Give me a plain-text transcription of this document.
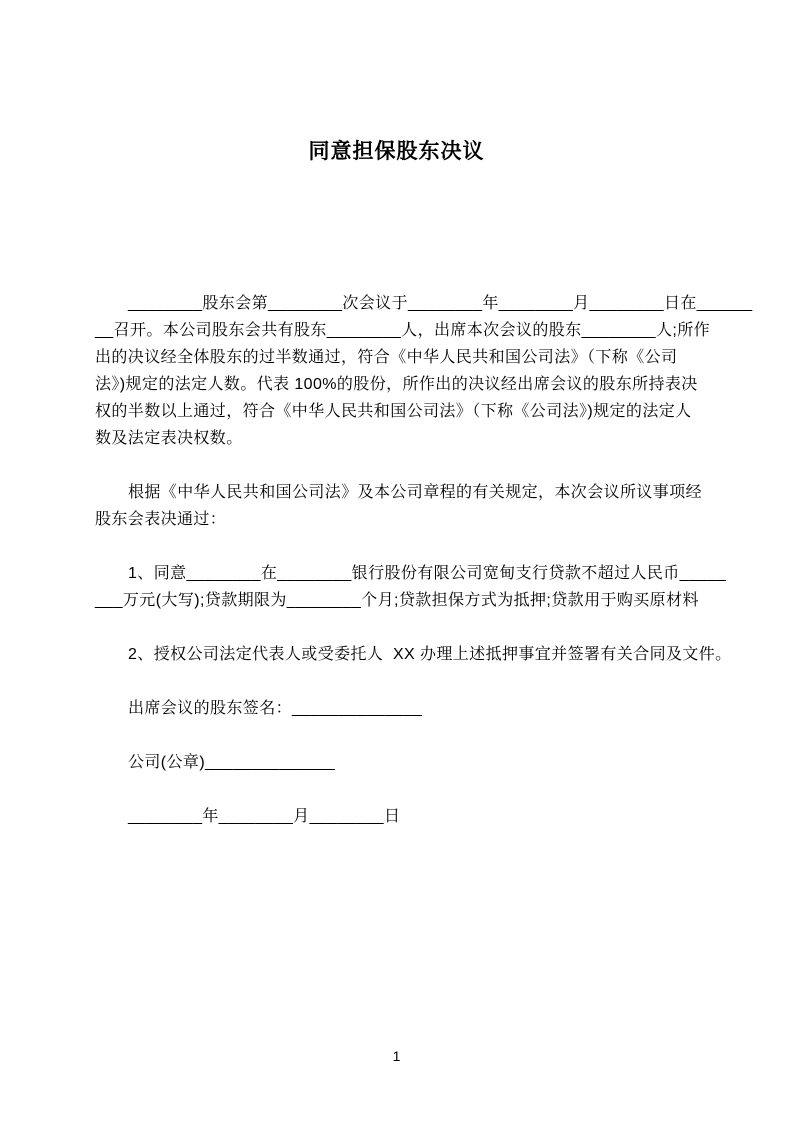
同意担保股东决议
________股东会第________次会议于________年________月________日在______
__召开。本公司股东会共有股东________人，出席本次会议的股东________人;所作
出的决议经全体股东的过半数通过，符合《中华人民共和国公司法》（下称《公司
法》)规定的法定人数。代表 100%的股份，所作出的决议经出席会议的股东所持表决
权的半数以上通过，符合《中华人民共和国公司法》（下称《公司法》)规定的法定人
数及法定表决权数。
根据《中华人民共和国公司法》及本公司章程的有关规定，本次会议所议事项经
股东会表决通过：
1、同意________在________银行股份有限公司宽甸支行贷款不超过人民币_____
___万元(大写);贷款期限为________个月;贷款担保方式为抵押;贷款用于购买原材料
2、授权公司法定代表人或受委托人  XX 办理上述抵押事宜并签署有关合同及文件。
出席会议的股东签名：______________
公司(公章)______________
________年________月________日
1
